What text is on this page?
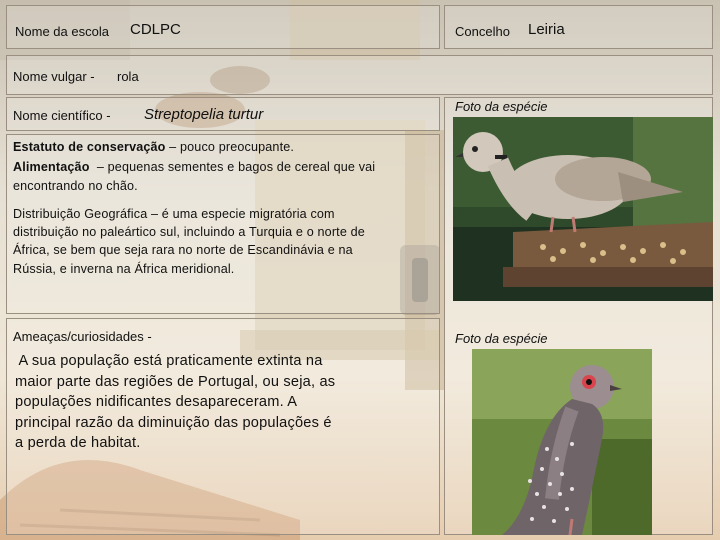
Nome da escola CDLPC	Concelho Leiria
Nome vulgar - rola
Nome científico - Streptopelia turtur
Estatuto de conservação – pouco preocupante.
Alimentação  – pequenas sementes e bagos de cereal que vai
encontrando no chão.
Distribuição Geográfica – é uma especie migratória com
distribuição no paleártico sul, incluindo a Turquia e o norte de
África, se bem que seja rara no norte de Escandinávia e na
Rússia, e inverna na África meridional.
Ameaças/curiosidades -
A sua população está praticamente extinta na
maior parte das regiões de Portugal, ou seja, as
populações nidificantes desapareceram. A
principal razão da diminuição das populações é
a perda de habitat.
Foto da espécie
Foto da espécie
